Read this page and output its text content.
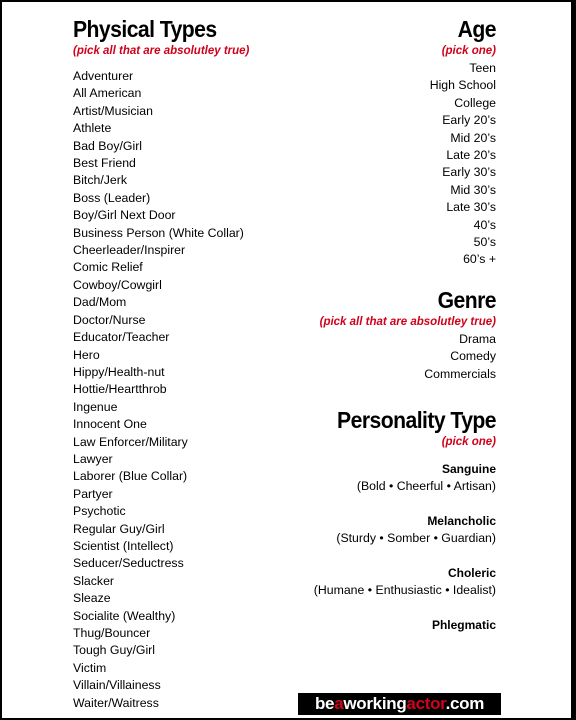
Physical Types
(pick all that are absolutley true)
Adventurer
All American
Artist/Musician
Athlete
Bad Boy/Girl
Best Friend
Bitch/Jerk
Boss (Leader)
Boy/Girl Next Door
Business Person (White Collar)
Cheerleader/Inspirer
Comic Relief
Cowboy/Cowgirl
Dad/Mom
Doctor/Nurse
Educator/Teacher
Hero
Hippy/Health-nut
Hottie/Heartthrob
Ingenue
Innocent One
Law Enforcer/Military
Lawyer
Laborer (Blue Collar)
Partyer
Psychotic
Regular Guy/Girl
Scientist (Intellect)
Seducer/Seductress
Slacker
Sleaze
Socialite (Wealthy)
Thug/Bouncer
Tough Guy/Girl
Victim
Villain/Villainess
Waiter/Waitress
Age
(pick one)
Teen
High School
College
Early 20’s
Mid 20’s
Late 20’s
Early 30’s
Mid 30’s
Late 30’s
40’s
50’s
60’s +
Genre
(pick all that are absolutley true)
Drama
Comedy
Commercials
Personality Type
(pick one)
Sanguine
(Bold • Cheerful • Artisan)
Melancholic
(Sturdy • Somber • Guardian)
Choleric
(Humane • Enthusiastic • Idealist)
Phlegmatic
beaworkingactor.com
